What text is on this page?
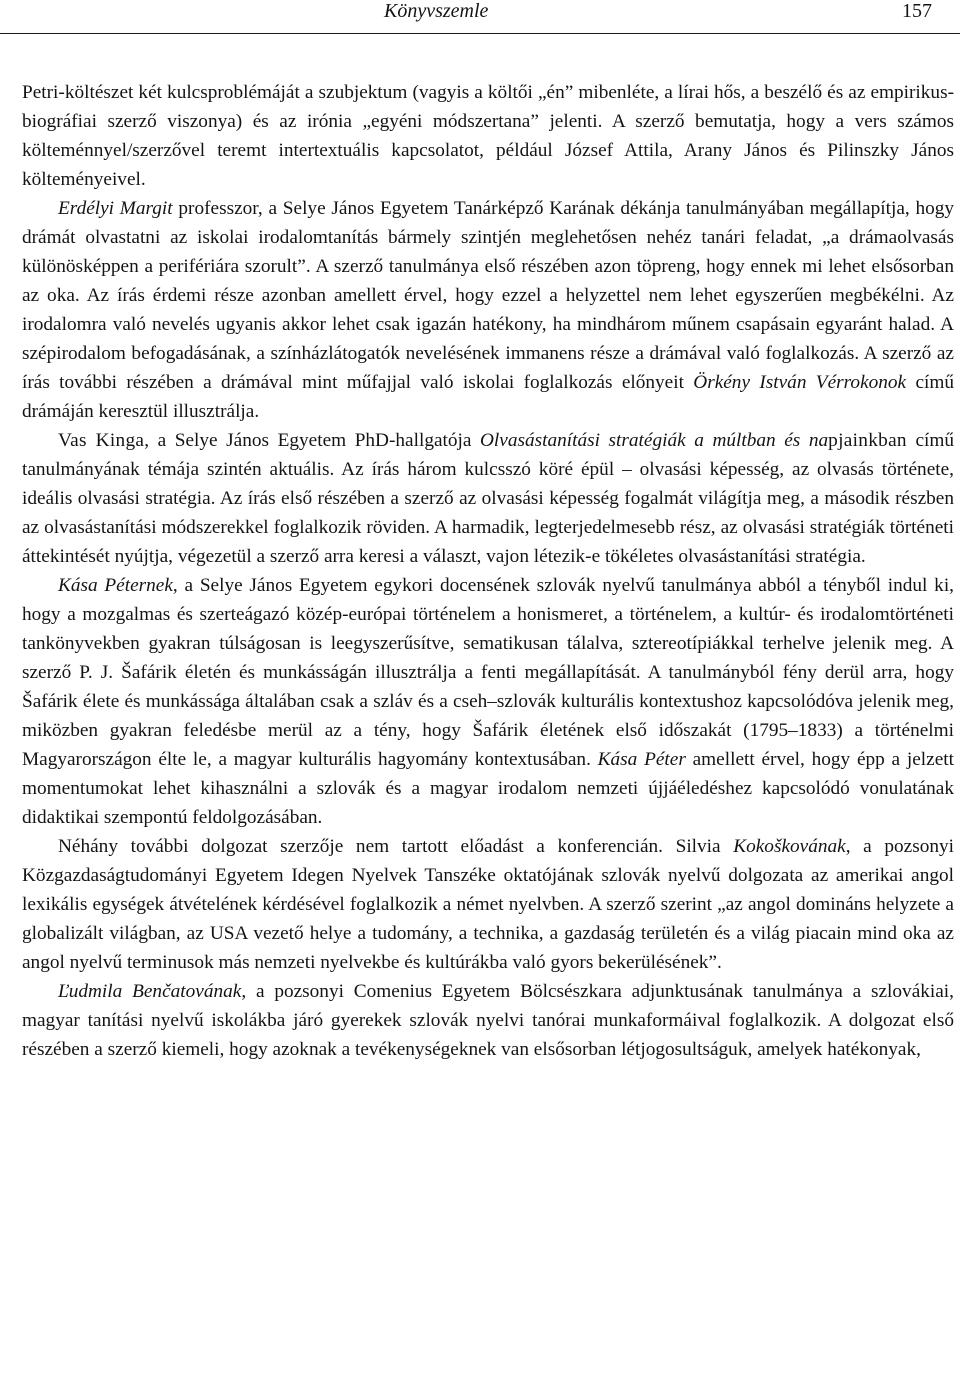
Könyvszemle	157

Petri-költészet két kulcsproblémáját a szubjektum (vagyis a költői „én” mibenléte, a lírai hős, a beszélő és az empirikus-biográfiai szerző viszonya) és az irónia „egyéni módszertana” jelenti. A szerző bemutatja, hogy a vers számos költeménnyel/szerzővel teremt intertextuális kapcsolatot, például József Attila, Arany János és Pilinszky János költeményeivel.

Erdélyi Margit professzor, a Selye János Egyetem Tanárképző Karának dékánja tanulmányában megállapítja, hogy drámát olvastatni az iskolai irodalomtanítás bármely szintjén meglehetősen nehéz tanári feladat, „a drámaolvasás különösképpen a perifériára szorult”. A szerző tanulmánya első részében azon töpreng, hogy ennek mi lehet elsősorban az oka. Az írás érdemi része azonban amellett érvel, hogy ezzel a helyzettel nem lehet egyszerűen megbékélni. Az irodalomra való nevelés ugyanis akkor lehet csak igazán hatékony, ha mindhárom műnem csapásain egyaránt halad. A szépirodalom befogadásának, a színházlátogatók nevelésének immanens része a drámával való foglalkozás. A szerző az írás további részében a drámával mint műfajjal való iskolai foglalkozás előnyeit Örkény István Vérrokonok című drámáján keresztül illusztrálja.

Vas Kinga, a Selye János Egyetem PhD-hallgatója Olvasástanítási stratégiák a múltban és napjainkban című tanulmányának témája szintén aktuális. Az írás három kulcsszó köré épül – olvasási képesség, az olvasás története, ideális olvasási stratégia. Az írás első részében a szerző az olvasási képesség fogalmát világítja meg, a második részben az olvasástanítási módszerekkel foglalkozik röviden. A harmadik, legterjedelmesebb rész, az olvasási stratégiák történeti áttekintését nyújtja, végezetül a szerző arra keresi a választ, vajon létezik-e tökéletes olvasástanítási stratégia.

Kása Péternek, a Selye János Egyetem egykori docensének szlovák nyelvű tanulmánya abból a tényből indul ki, hogy a mozgalmas és szerteágazó közép-európai történelem a honismeret, a történelem, a kultúr- és irodalomtörténeti tankönyvekben gyakran túlságosan is leegyszerűsítve, sematikusan tálalva, sztereotípiákkal terhelve jelenik meg. A szerző P. J. Šafárik életén és munkásságán illusztrálja a fenti megállapítását. A tanulmányból fény derül arra, hogy Šafárik élete és munkássága általában csak a szláv és a cseh–szlovák kulturális kontextushoz kapcsolódóva jelenik meg, miközben gyakran feledésbe merül az a tény, hogy Šafárik életének első időszakát (1795–1833) a történelmi Magyarországon élte le, a magyar kulturális hagyomány kontextusában. Kása Péter amellett érvel, hogy épp a jelzett momentumokat lehet kihasználni a szlovák és a magyar irodalom nemzeti újjáéledéshez kapcsolódó vonulatának didaktikai szempontú feldolgozásában.

Néhány további dolgozat szerzője nem tartott előadást a konferencián. Silvia Kokoškovának, a pozsonyi Közgazdaságtudományi Egyetem Idegen Nyelvek Tanszéke oktatójának szlovák nyelvű dolgozata az amerikai angol lexikális egységek átvételének kérdésével foglalkozik a német nyelvben. A szerző szerint „az angol domináns helyzete a globalizált világban, az USA vezető helye a tudomány, a technika, a gazdaság területén és a világ piacain mind oka az angol nyelvű terminusok más nemzeti nyelvekbe és kultúrákba való gyors bekerülésének”.

Ľudmila Benčatovának, a pozsonyi Comenius Egyetem Bölcsészkara adjunktusának tanulmánya a szlovákiai, magyar tanítási nyelvű iskolákba járó gyerekek szlovák nyelvi tanórai munkaformáival foglalkozik. A dolgozat első részében a szerző kiemeli, hogy azoknak a tevékenységeknek van elsősorban létjogosultságuk, amelyek hatékonyak,
